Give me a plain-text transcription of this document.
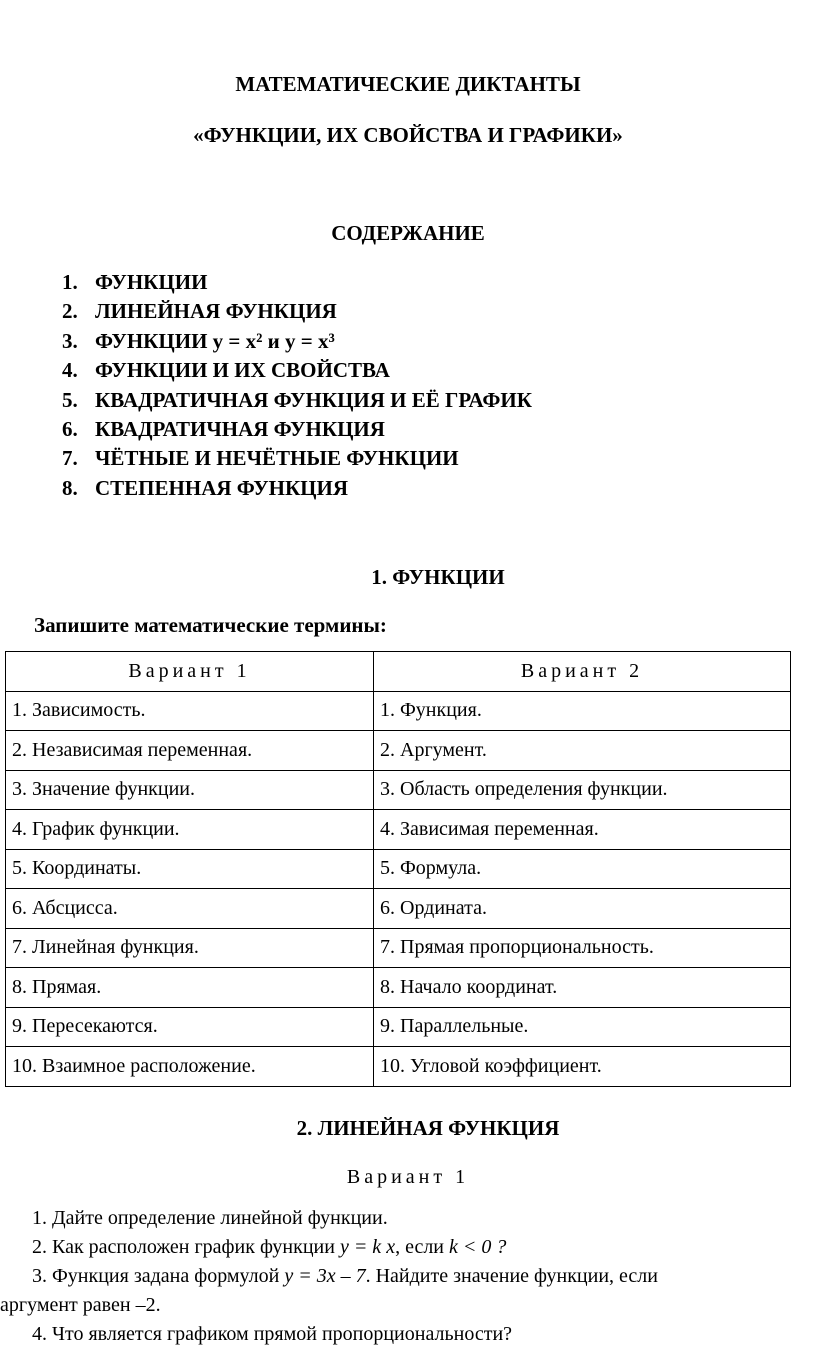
МАТЕМАТИЧЕСКИЕ ДИКТАНТЫ
«ФУНКЦИИ, ИХ СВОЙСТВА И ГРАФИКИ»
СОДЕРЖАНИЕ
1. ФУНКЦИИ
2. ЛИНЕЙНАЯ ФУНКЦИЯ
3. ФУНКЦИИ y = x² и y = x³
4. ФУНКЦИИ И ИХ СВОЙСТВА
5. КВАДРАТИЧНАЯ ФУНКЦИЯ И ЕЁ ГРАФИК
6. КВАДРАТИЧНАЯ ФУНКЦИЯ
7. ЧЁТНЫЕ И НЕЧЁТНЫЕ ФУНКЦИИ
8. СТЕПЕННАЯ ФУНКЦИЯ
1. ФУНКЦИИ
Запишите математические термины:
Вариант 1	Вариант 2
1. Зависимость.	1. Функция.
2. Независимая переменная.	2. Аргумент.
3. Значение функции.	3. Область определения функции.
4. График функции.	4. Зависимая переменная.
5. Координаты.	5. Формула.
6. Абсцисса.	6. Ордината.
7. Линейная функция.	7. Прямая пропорциональность.
8. Прямая.	8. Начало координат.
9. Пересекаются.	9. Параллельные.
10. Взаимное расположение.	10. Угловой коэффициент.
2. ЛИНЕЙНАЯ ФУНКЦИЯ
Вариант 1
1. Дайте определение линейной функции.
2. Как расположен график функции y = k x, если k < 0 ?
3. Функция задана формулой y = 3x – 7. Найдите значение функции, если
аргумент равен –2.
4. Что является графиком прямой пропорциональности?
